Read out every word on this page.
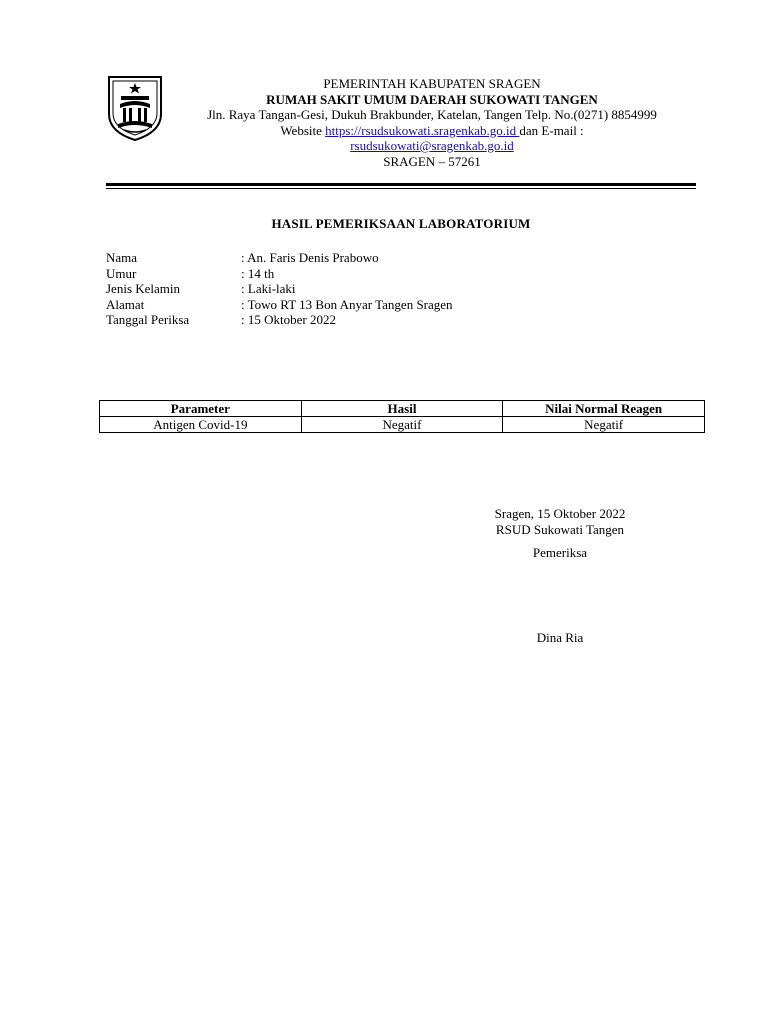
PEMERINTAH KABUPATEN SRAGEN
RUMAH SAKIT UMUM DAERAH SUKOWATI TANGEN
Jln. Raya Tangan-Gesi, Dukuh Brakbunder, Katelan, Tangen Telp. No.(0271) 8854999
Website https://rsudsukowati.sragenkab.go.id dan E-mail :
rsudsukowati@sragenkab.go.id
SRAGEN – 57261
HASIL PEMERIKSAAN LABORATORIUM
Nama	: An. Faris Denis Prabowo
Umur	: 14 th
Jenis Kelamin	: Laki-laki
Alamat	: Towo RT 13 Bon Anyar Tangen Sragen
Tanggal Periksa	: 15 Oktober 2022
Parameter	Hasil	Nilai Normal Reagen
Antigen Covid-19	Negatif	Negatif
Sragen, 15 Oktober 2022
RSUD Sukowati Tangen
Pemeriksa
Dina Ria
